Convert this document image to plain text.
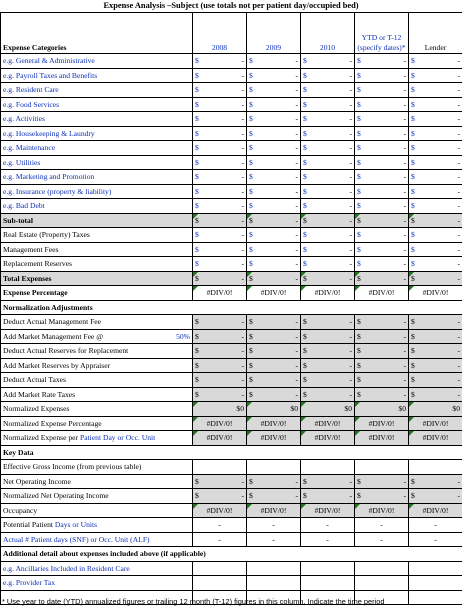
Expense Analysis –Subject (use totals not per patient day/occupied bed)
Expense Categories	2008	2009	2010	YTD or T-12 (specify dates)*	Lender
e.g. General & Administrative	$ -	$ -	$ -	$ -	$ -

e.g. Payroll Taxes and Benefits	$ -	$ -	$ -	$ -	$ -

e.g. Resident Care	$ -	$ -	$ -	$ -	$ -

e.g. Food Services	$ -	$ -	$ -	$ -	$ -

e.g. Activities	$ -	$ -	$ -	$ -	$ -

e.g. Housekeeping & Laundry	$ -	$ -	$ -	$ -	$ -

e.g. Maintenance	$ -	$ -	$ -	$ -	$ -

e.g. Utilities	$ -	$ -	$ -	$ -	$ -

e.g. Marketing and Promotion	$ -	$ -	$ -	$ -	$ -

e.g. Insurance (property & liability)	$ -	$ -	$ -	$ -	$ -

e.g. Bad Debt	$ -	$ -	$ -	$ -	$ -

Sub-total	$ -	$ -	$ -	$ -	$ -

Real Estate (Property) Taxes	$ -	$ -	$ -	$ -	$ -

Management Fees	$ -	$ -	$ -	$ -	$ -

Replacement Reserves	$ -	$ -	$ -	$ -	$ -

Total Expenses	$ -	$ -	$ -	$ -	$ -

Expense Percentage	#DIV/0!	#DIV/0!	#DIV/0!	#DIV/0!	#DIV/0!
Normalization Adjustments					
Deduct Actual Management Fee	$ -	$ -	$ -	$ -	$ -

Add Market Management Fee @ 50%	$ -	$ -	$ -	$ -	$ -

Deduct Actual Reserves for Replacement	$ -	$ -	$ -	$ -	$ -

Add Market Reserves by Appraiser	$ -	$ -	$ -	$ -	$ -

Deduct Actual Taxes	$ -	$ -	$ -	$ -	$ -

Add Market Rate Taxes	$ -	$ -	$ -	$ -	$ -

Normalized Expenses	$0	$0	$0	$0	$0
Normalized Expense Percentage	#DIV/0!	#DIV/0!	#DIV/0!	#DIV/0!	#DIV/0!
Normalized Expense per Patient Day or Occ. Unit	#DIV/0!	#DIV/0!	#DIV/0!	#DIV/0!	#DIV/0!
Key Data					
Effective Gross Income (from previous table)					
Net Operating Income	$ -	$ -	$ -	$ -	$ -

Normalized Net Operating Income	$ -	$ -	$ -	$ -	$ -

Occupancy	#DIV/0!	#DIV/0!	#DIV/0!	#DIV/0!	#DIV/0!
Potential Patient Days or Units	-	-	-	-	-
Actual # Patient days (SNF) or Occ. Unit (ALF)	-	-	-	-	-
Additional detail about expenses included above (if applicable)					
e.g. Ancillaries Included in Resident Care					
e.g. Provider Tax					

* Use year to date (YTD) annualized figures or trailing 12 month (T-12) figures in this column. Indicate the time period
